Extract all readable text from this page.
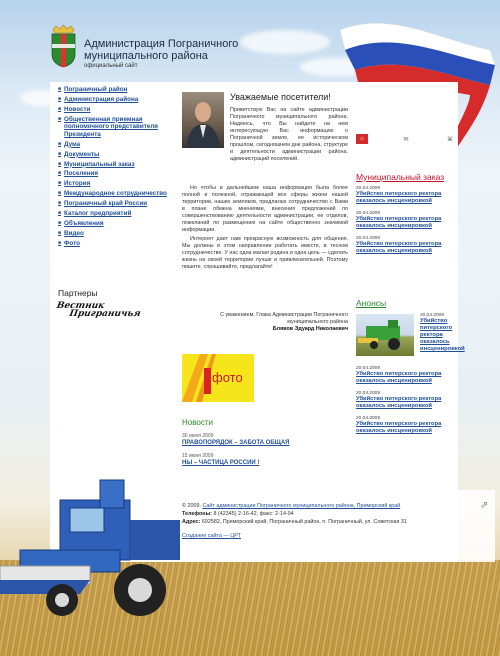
Администрация Пограничного муниципального района
официальный сайт
■ Пограничный район
■ Администрация района
■ Новости
■ Общественная приемная полномочного представителя Президента
■ Дума
■ Документы
■ Муниципальный заказ
■ Поселения
■ История
■ Международное сотрудничество
■ Пограничный край России
■ Каталог предприятий
■ Объявления
■ Видео
■ Фото
Партнеры
Вестник
Приграничья
Уважаемые посетители!
Приветствую Вас на сайте администрации Пограничного муниципального района. Надеюсь, что Вы найдете на нем интересующую Вас информацию о Пограничной земле, ее историческом прошлом, сегодняшнем дне района, структуре и деятельности администрации района, администраций поселений.
Но чтобы в дальнейшем наша информация была более полной и полезной, отражающей все сферы жизни нашей территории, наших земляков, предлагаю сотрудничество с Вами в плане обмена мнениями, внесения предложений по совершенствованию деятельности администрации, ее отделов, пожеланий по размещению на сайте общественно значимой информации.
Интернет дает нам прекрасную возможность для общения. Мы должны в этом направлении работать вместе, в тесном сотрудничестве. У нас одна малая родина и одна цель — сделать жизнь на своей территории лучше и привлекательней. Поэтому пишите, спрашивайте, предлагайте!
С уважением, Глава Администрации Пограничного муниципального района
Блявов Эдуард Николаевич
фото
Новости
30 июня 2009
ПРАВОПОРЯДОК – ЗАБОТА ОБЩАЯ
15 июня 2009
НЫ – ЧАСТИЦА РОССИИ !
⌂	✉	⌘
Муниципальный заказ
20.04.2009
Убийство питерского ректора оказалось инсценировкой
20.04.2009
Убийство питерского ректора оказалось инсценировкой
20.04.2009
Убийство питерского ректора оказалось инсценировкой
Анонсы
20.04.2009
Убийство питерского ректора оказалось инсценировкой
20.04.2009
Убийство питерского ректора оказалось инсценировкой
20.04.2009
Убийство питерского ректора оказалось инсценировкой
20.04.2009
Убийство питерского ректора оказалось инсценировкой
© 2009. Сайт администрации Пограничного муниципального района, Приморский край
Телефоны: 8 (42345) 2-16-42, факс: 2-14-94
Адрес: 692582, Приморский край, Пограничный район, п. Пограничный, ул. Советская 31
Создание сайта — ЦРТ
⇗
